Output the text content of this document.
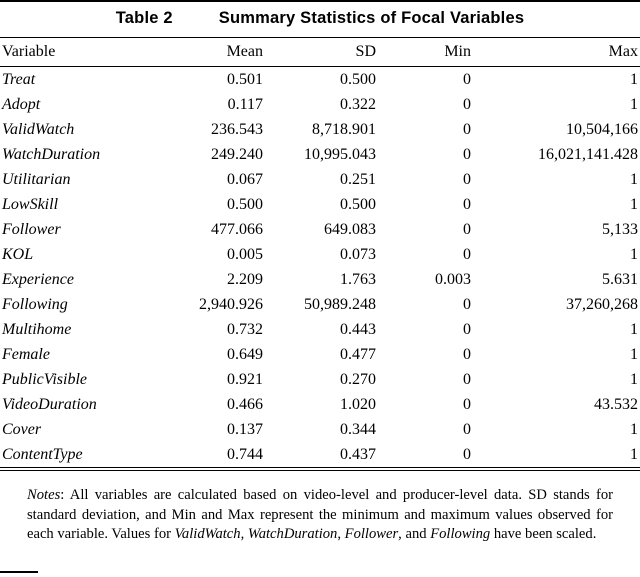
Table 2	Summary Statistics of Focal Variables
Variable	Mean	SD	Min	Max
Treat	0.501	0.500	0	1
Adopt	0.117	0.322	0	1
ValidWatch	236.543	8,718.901	0	10,504,166
WatchDuration	249.240	10,995.043	0	16,021,141.428
Utilitarian	0.067	0.251	0	1
LowSkill	0.500	0.500	0	1
Follower	477.066	649.083	0	5,133
KOL	0.005	0.073	0	1
Experience	2.209	1.763	0.003	5.631
Following	2,940.926	50,989.248	0	37,260,268
Multihome	0.732	0.443	0	1
Female	0.649	0.477	0	1
PublicVisible	0.921	0.270	0	1
VideoDuration	0.466	1.020	0	43.532
Cover	0.137	0.344	0	1
ContentType	0.744	0.437	0	1

Notes: All variables are calculated based on video-level and producer-level data. SD stands for standard deviation, and Min and Max represent the minimum and maximum values observed for each variable. Values for ValidWatch, WatchDuration, Follower, and Following have been scaled.
